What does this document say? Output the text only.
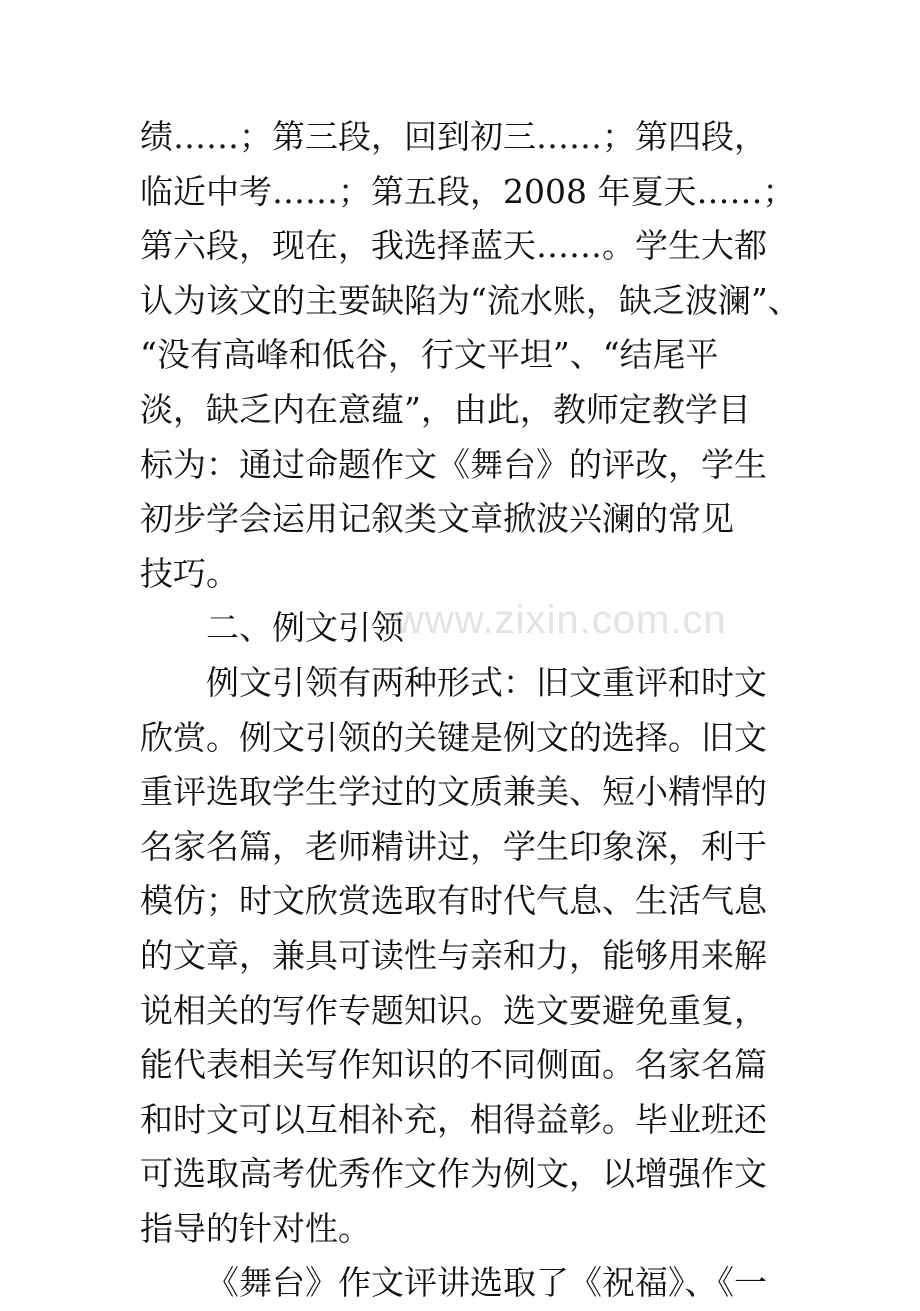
www.zixin.com.cn
绩……；第三段，回到初三……；第四段，
临近中考……；第五段，2008 年夏天……；
第六段，现在，我选择蓝天……。学生大都
认为该文的主要缺陷为“流水账，缺乏波澜”、
“没有高峰和低谷，行文平坦”、“结尾平
淡，缺乏内在意蕴”，由此，教师定教学目
标为：通过命题作文《舞台》的评改，学生
初步学会运用记叙类文章掀波兴澜的常见
技巧。
二、例文引领
例文引领有两种形式：旧文重评和时文
欣赏。例文引领的关键是例文的选择。旧文
重评选取学生学过的文质兼美、短小精悍的
名家名篇，老师精讲过，学生印象深，利于
模仿；时文欣赏选取有时代气息、生活气息
的文章，兼具可读性与亲和力，能够用来解
说相关的写作专题知识。选文要避免重复，
能代表相关写作知识的不同侧面。名家名篇
和时文可以互相补充，相得益彰。毕业班还
可选取高考优秀作文作为例文，以增强作文
指导的针对性。
《舞台》作文评讲选取了《祝福》、《一
